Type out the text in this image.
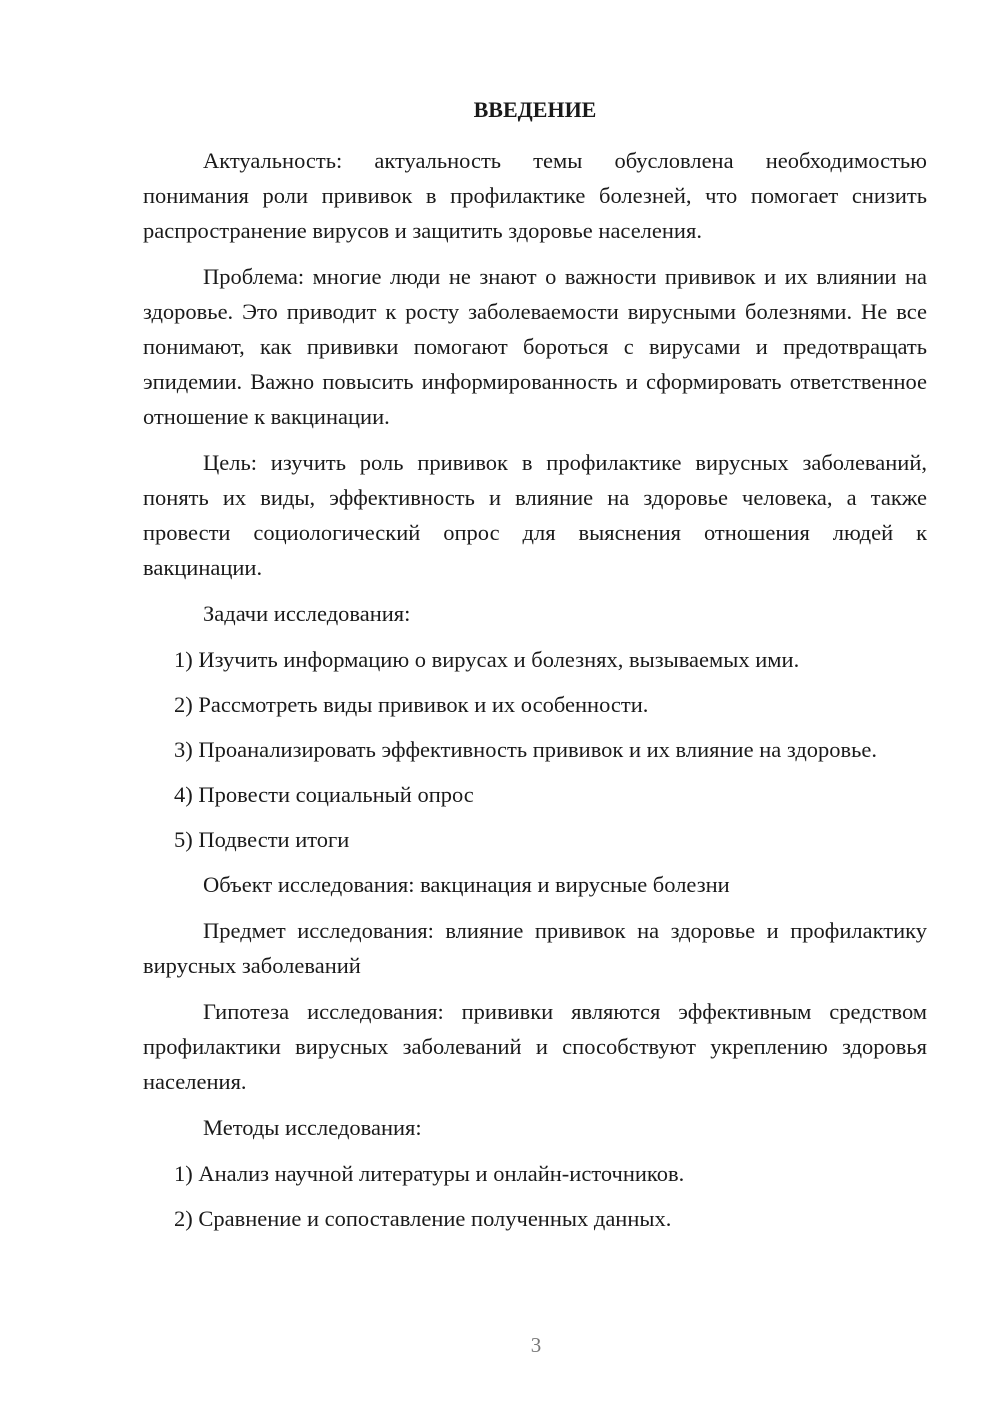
ВВЕДЕНИЕ

Актуальность: актуальность темы обусловлена необходимостью понимания роли прививок в профилактике болезней, что помогает снизить распространение вирусов и защитить здоровье населения.

Проблема: многие люди не знают о важности прививок и их влиянии на здоровье. Это приводит к росту заболеваемости вирусными болезнями. Не все понимают, как прививки помогают бороться с вирусами и предотвращать эпидемии. Важно повысить информированность и сформировать ответственное отношение к вакцинации.

Цель: изучить роль прививок в профилактике вирусных заболеваний, понять их виды, эффективность и влияние на здоровье человека, а также провести социологический опрос для выяснения отношения людей к вакцинации.

Задачи исследования:

1) Изучить информацию о вирусах и болезнях, вызываемых ими.

2) Рассмотреть виды прививок и их особенности.

3) Проанализировать эффективность прививок и их влияние на здоровье.

4) Провести социальный опрос

5) Подвести итоги

Объект исследования: вакцинация и вирусные болезни

Предмет исследования: влияние прививок на здоровье и профилактику вирусных заболеваний

Гипотеза исследования: прививки являются эффективным средством профилактики вирусных заболеваний и способствуют укреплению здоровья населения.

Методы исследования:

1) Анализ научной литературы и онлайн-источников.

2) Сравнение и сопоставление полученных данных.

3
